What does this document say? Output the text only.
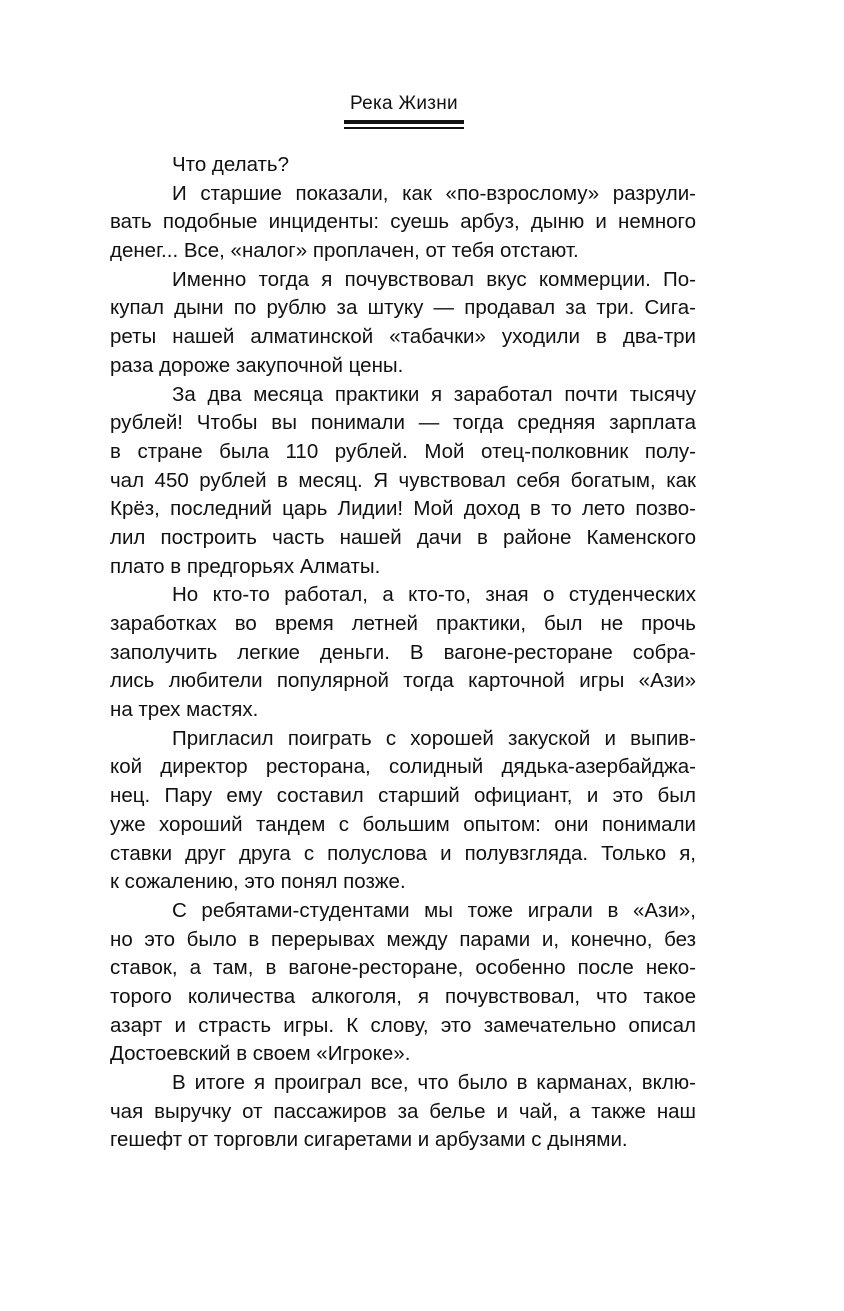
Река Жизни
Что делать?
И старшие показали, как «по-взрослому» разрули-
вать подобные инциденты: суешь арбуз, дыню и немного
денег... Все, «налог» проплачен, от тебя отстают.
Именно тогда я почувствовал вкус коммерции. По-
купал дыни по рублю за штуку — продавал за три. Сига-
реты нашей алматинской «табачки» уходили в два-три
раза дороже закупочной цены.
За два месяца практики я заработал почти тысячу
рублей! Чтобы вы понимали — тогда средняя зарплата
в стране была 110 рублей. Мой отец-полковник полу-
чал 450 рублей в месяц. Я чувствовал себя богатым, как
Крёз, последний царь Лидии! Мой доход в то лето позво-
лил построить часть нашей дачи в районе Каменского
плато в предгорьях Алматы.
Но кто-то работал, а кто-то, зная о студенческих
заработках во время летней практики, был не прочь
заполучить легкие деньги. В вагоне-ресторане собра-
лись любители популярной тогда карточной игры «Ази»
на трех мастях.
Пригласил поиграть с хорошей закуской и выпив-
кой директор ресторана, солидный дядька-азербайджа-
нец. Пару ему составил старший официант, и это был
уже хороший тандем с большим опытом: они понимали
ставки друг друга с полуслова и полувзгляда. Только я,
к сожалению, это понял позже.
С ребятами-студентами мы тоже играли в «Ази»,
но это было в перерывах между парами и, конечно, без
ставок, а там, в вагоне-ресторане, особенно после неко-
торого количества алкоголя, я почувствовал, что такое
азарт и страсть игры. К слову, это замечательно описал
Достоевский в своем «Игроке».
В итоге я проиграл все, что было в карманах, вклю-
чая выручку от пассажиров за белье и чай, а также наш
гешефт от торговли сигаретами и арбузами с дынями.
